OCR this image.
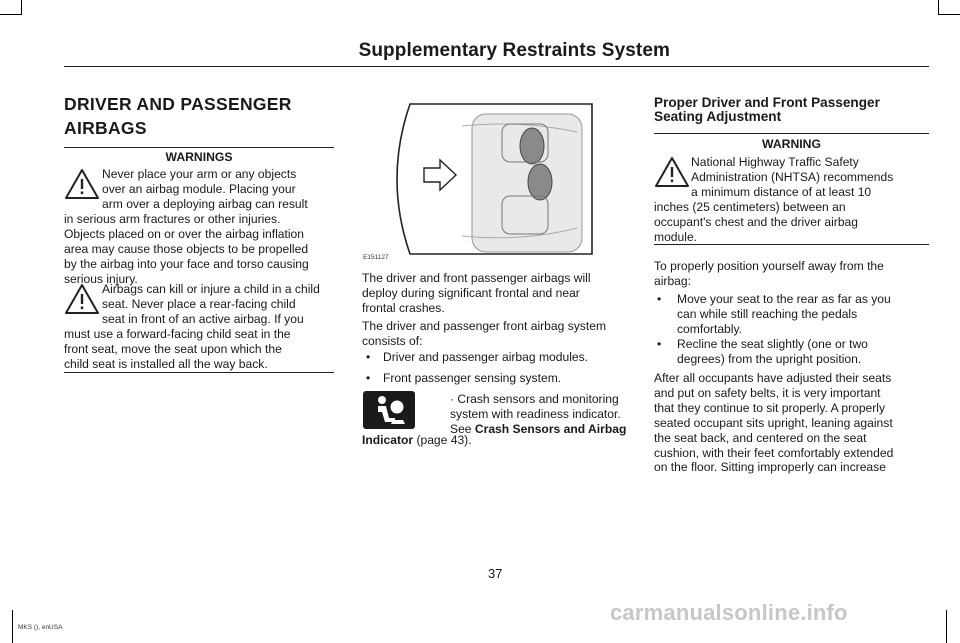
Supplementary Restraints System
DRIVER AND PASSENGER
AIRBAGS
WARNINGS
Never place your arm or any objects
over an airbag module. Placing your
arm over a deploying airbag can result
in serious arm fractures or other injuries.
Objects placed on or over the airbag inflation
area may cause those objects to be propelled
by the airbag into your face and torso causing
serious injury.
Airbags can kill or injure a child in a child
seat. Never place a rear-facing child
seat in front of an active airbag. If you
must use a forward-facing child seat in the
front seat, move the seat upon which the
child seat is installed all the way back.
E151127
The driver and front passenger airbags will
deploy during significant frontal and near
frontal crashes.
The driver and passenger front airbag system
consists of:
• Driver and passenger airbag modules.
• Front passenger sensing system.
· Crash sensors and monitoring
system with readiness indicator.
See Crash Sensors and Airbag
Indicator (page 43).
Proper Driver and Front Passenger
Seating Adjustment
WARNING
National Highway Traffic Safety
Administration (NHTSA) recommends
a minimum distance of at least 10
inches (25 centimeters) between an
occupant's chest and the driver airbag
module.
To properly position yourself away from the
airbag:
• Move your seat to the rear as far as you
can while still reaching the pedals
comfortably.
• Recline the seat slightly (one or two
degrees) from the upright position.
After all occupants have adjusted their seats
and put on safety belts, it is very important
that they continue to sit properly. A properly
seated occupant sits upright, leaning against
the seat back, and centered on the seat
cushion, with their feet comfortably extended
on the floor. Sitting improperly can increase
37
MKS (), enUSA
carmanualsonline.info
